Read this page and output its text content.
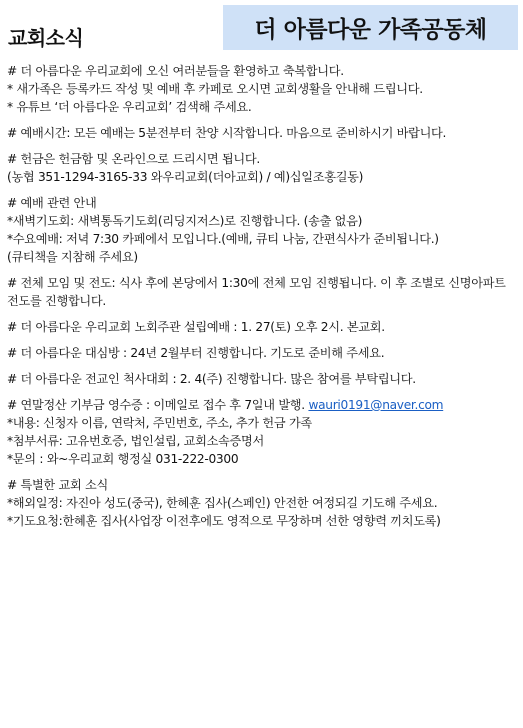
교회소식	더 아름다운 가족공동체
# 더 아름다운 우리교회에 오신 여러분들을 환영하고 축복합니다.
* 새가족은 등록카드 작성 및 예배 후 카페로 오시면 교회생활을 안내해 드립니다.
* 유튜브 ‘더 아름다운 우리교회’ 검색해 주세요.
# 예배시간: 모든 예배는 5분전부터 찬양 시작합니다. 마음으로 준비하시기 바랍니다.
# 헌금은 헌금함 및 온라인으로 드리시면 됩니다.
(농협 351-1294-3165-33 와우리교회(더아교회) / 예)십일조홍길동)
# 예배 관련 안내
*새벽기도회: 새벽통독기도회(리딩지저스)로 진행합니다. (송출 없음)
*수요예배: 저녁 7:30 카페에서 모입니다.(예배, 큐티 나눔, 간편식사가 준비됩니다.)
(큐티책을 지참해 주세요)
# 전체 모임 및 전도: 식사 후에 본당에서 1:30에 전체 모임 진행됩니다. 이 후 조별로 신명아파트 전도를 진행합니다.
# 더 아름다운 우리교회 노회주관 설립예배 : 1. 27(토) 오후 2시. 본교회.
# 더 아름다운 대심방 : 24년 2월부터 진행합니다. 기도로 준비해 주세요.
# 더 아름다운 전교인 척사대회 : 2. 4(주) 진행합니다. 많은 참여를 부탁립니다.
# 연말정산 기부금 영수증 : 이메일로 접수 후 7일내 발행. wauri0191@naver.com
*내용: 신청자 이름, 연락처, 주민번호, 주소, 추가 헌금 가족
*첨부서류: 고유번호증, 법인설립, 교회소속증명서
*문의 : 와~우리교회 행정실 031-222-0300
# 특별한 교회 소식
*해외일정: 자진아 성도(중국), 한혜훈 집사(스페인) 안전한 여정되길 기도해 주세요.
*기도요청:한혜훈 집사(사업장 이전후에도 영적으로 무장하며 선한 영향력 끼치도록)
